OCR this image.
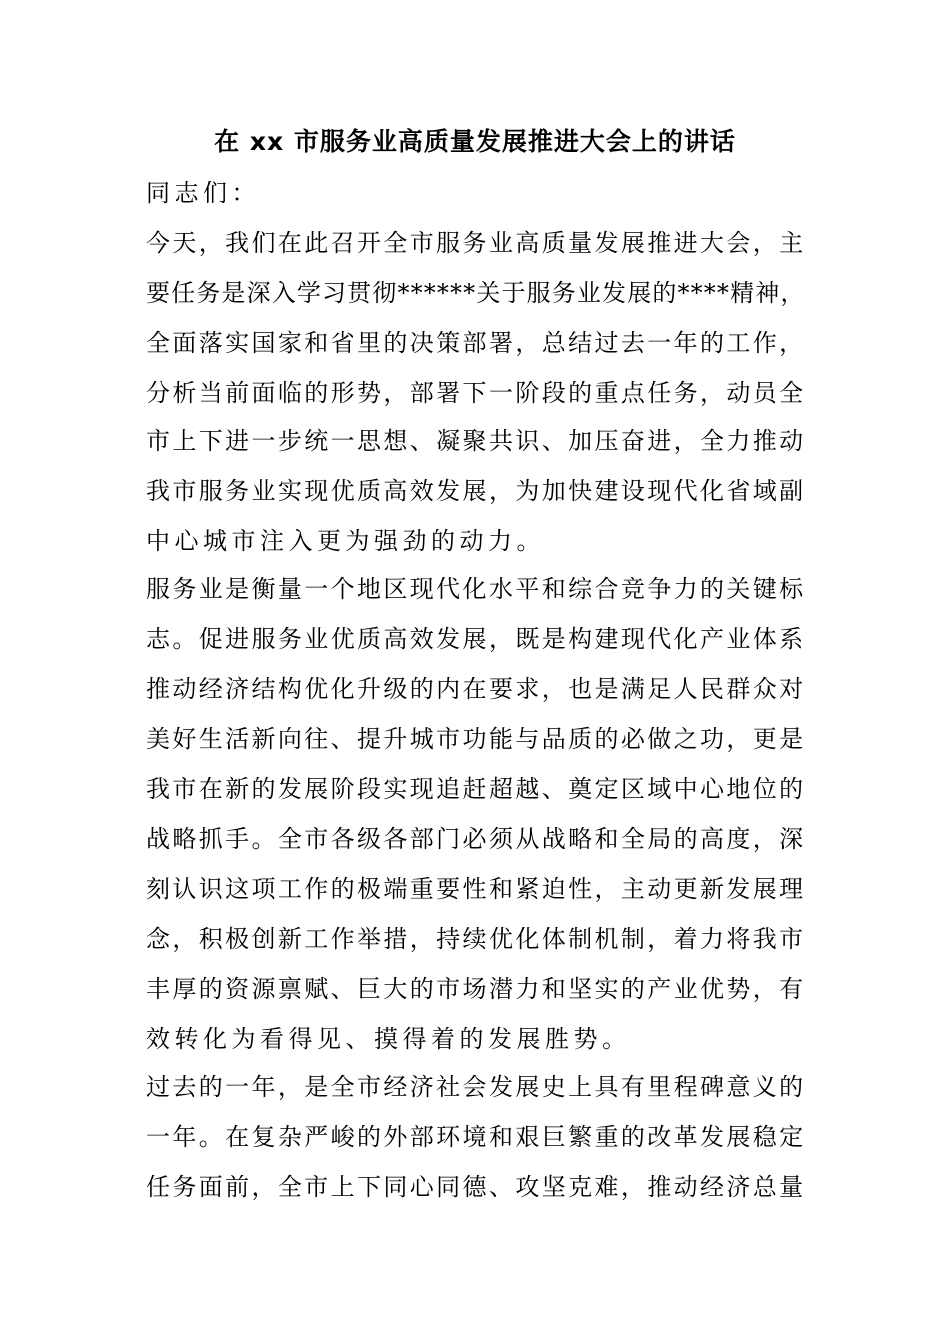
在 xx 市服务业高质量发展推进大会上的讲话
同志们：
今天，我们在此召开全市服务业高质量发展推进大会，主
要任务是深入学习贯彻******关于服务业发展的****精神，
全面落实国家和省里的决策部署，总结过去一年的工作，
分析当前面临的形势，部署下一阶段的重点任务，动员全
市上下进一步统一思想、凝聚共识、加压奋进，全力推动
我市服务业实现优质高效发展，为加快建设现代化省域副
中心城市注入更为强劲的动力。
服务业是衡量一个地区现代化水平和综合竞争力的关键标
志。促进服务业优质高效发展，既是构建现代化产业体系
推动经济结构优化升级的内在要求，也是满足人民群众对
美好生活新向往、提升城市功能与品质的必做之功，更是
我市在新的发展阶段实现追赶超越、奠定区域中心地位的
战略抓手。全市各级各部门必须从战略和全局的高度，深
刻认识这项工作的极端重要性和紧迫性，主动更新发展理
念，积极创新工作举措，持续优化体制机制，着力将我市
丰厚的资源禀赋、巨大的市场潜力和坚实的产业优势，有
效转化为看得见、摸得着的发展胜势。
过去的一年，是全市经济社会发展史上具有里程碑意义的
一年。在复杂严峻的外部环境和艰巨繁重的改革发展稳定
任务面前，全市上下同心同德、攻坚克难，推动经济总量
